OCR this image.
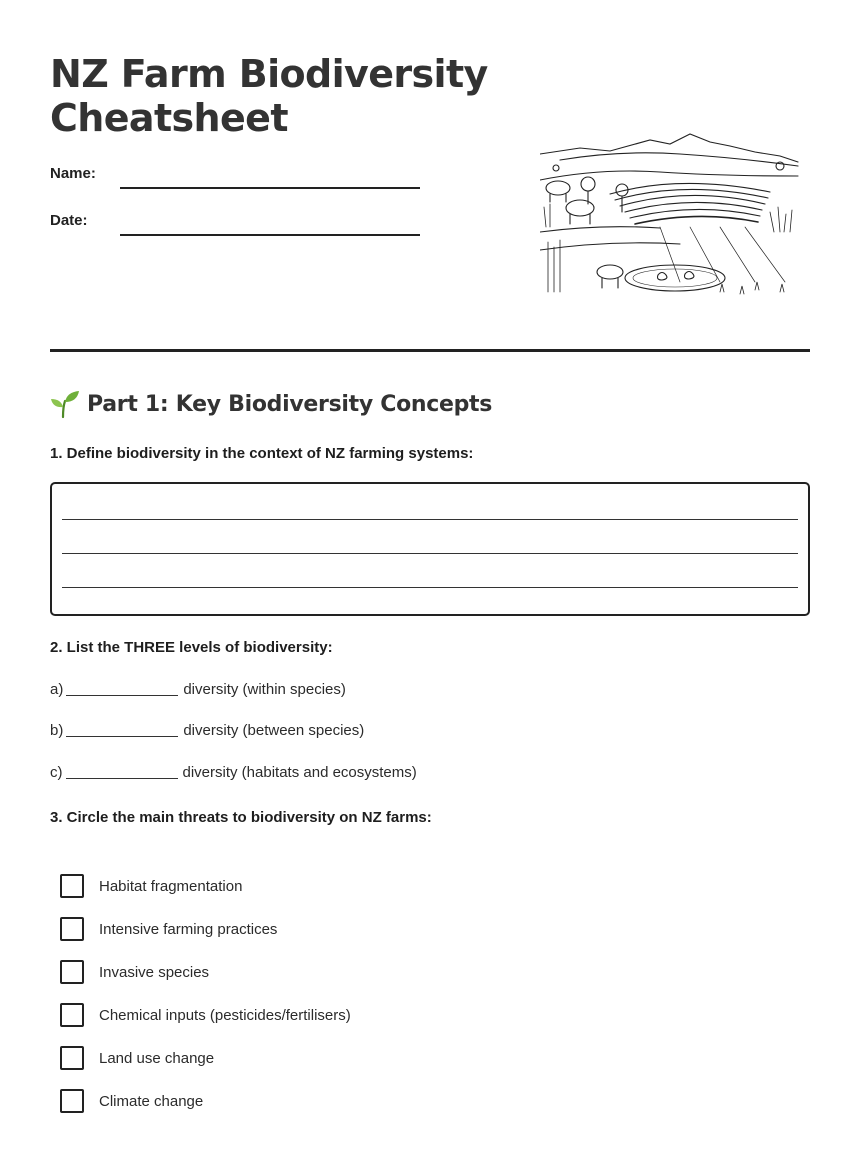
NZ Farm Biodiversity
Cheatsheet
Name:
Date:
Part 1: Key Biodiversity Concepts
1. Define biodiversity in the context of NZ farming systems:
2. List the THREE levels of biodiversity:
a)	diversity (within species)
b)	diversity (between species)
c)	diversity (habitats and ecosystems)
3. Circle the main threats to biodiversity on NZ farms:
Habitat fragmentation
Intensive farming practices
Invasive species
Chemical inputs (pesticides/fertilisers)
Land use change
Climate change
